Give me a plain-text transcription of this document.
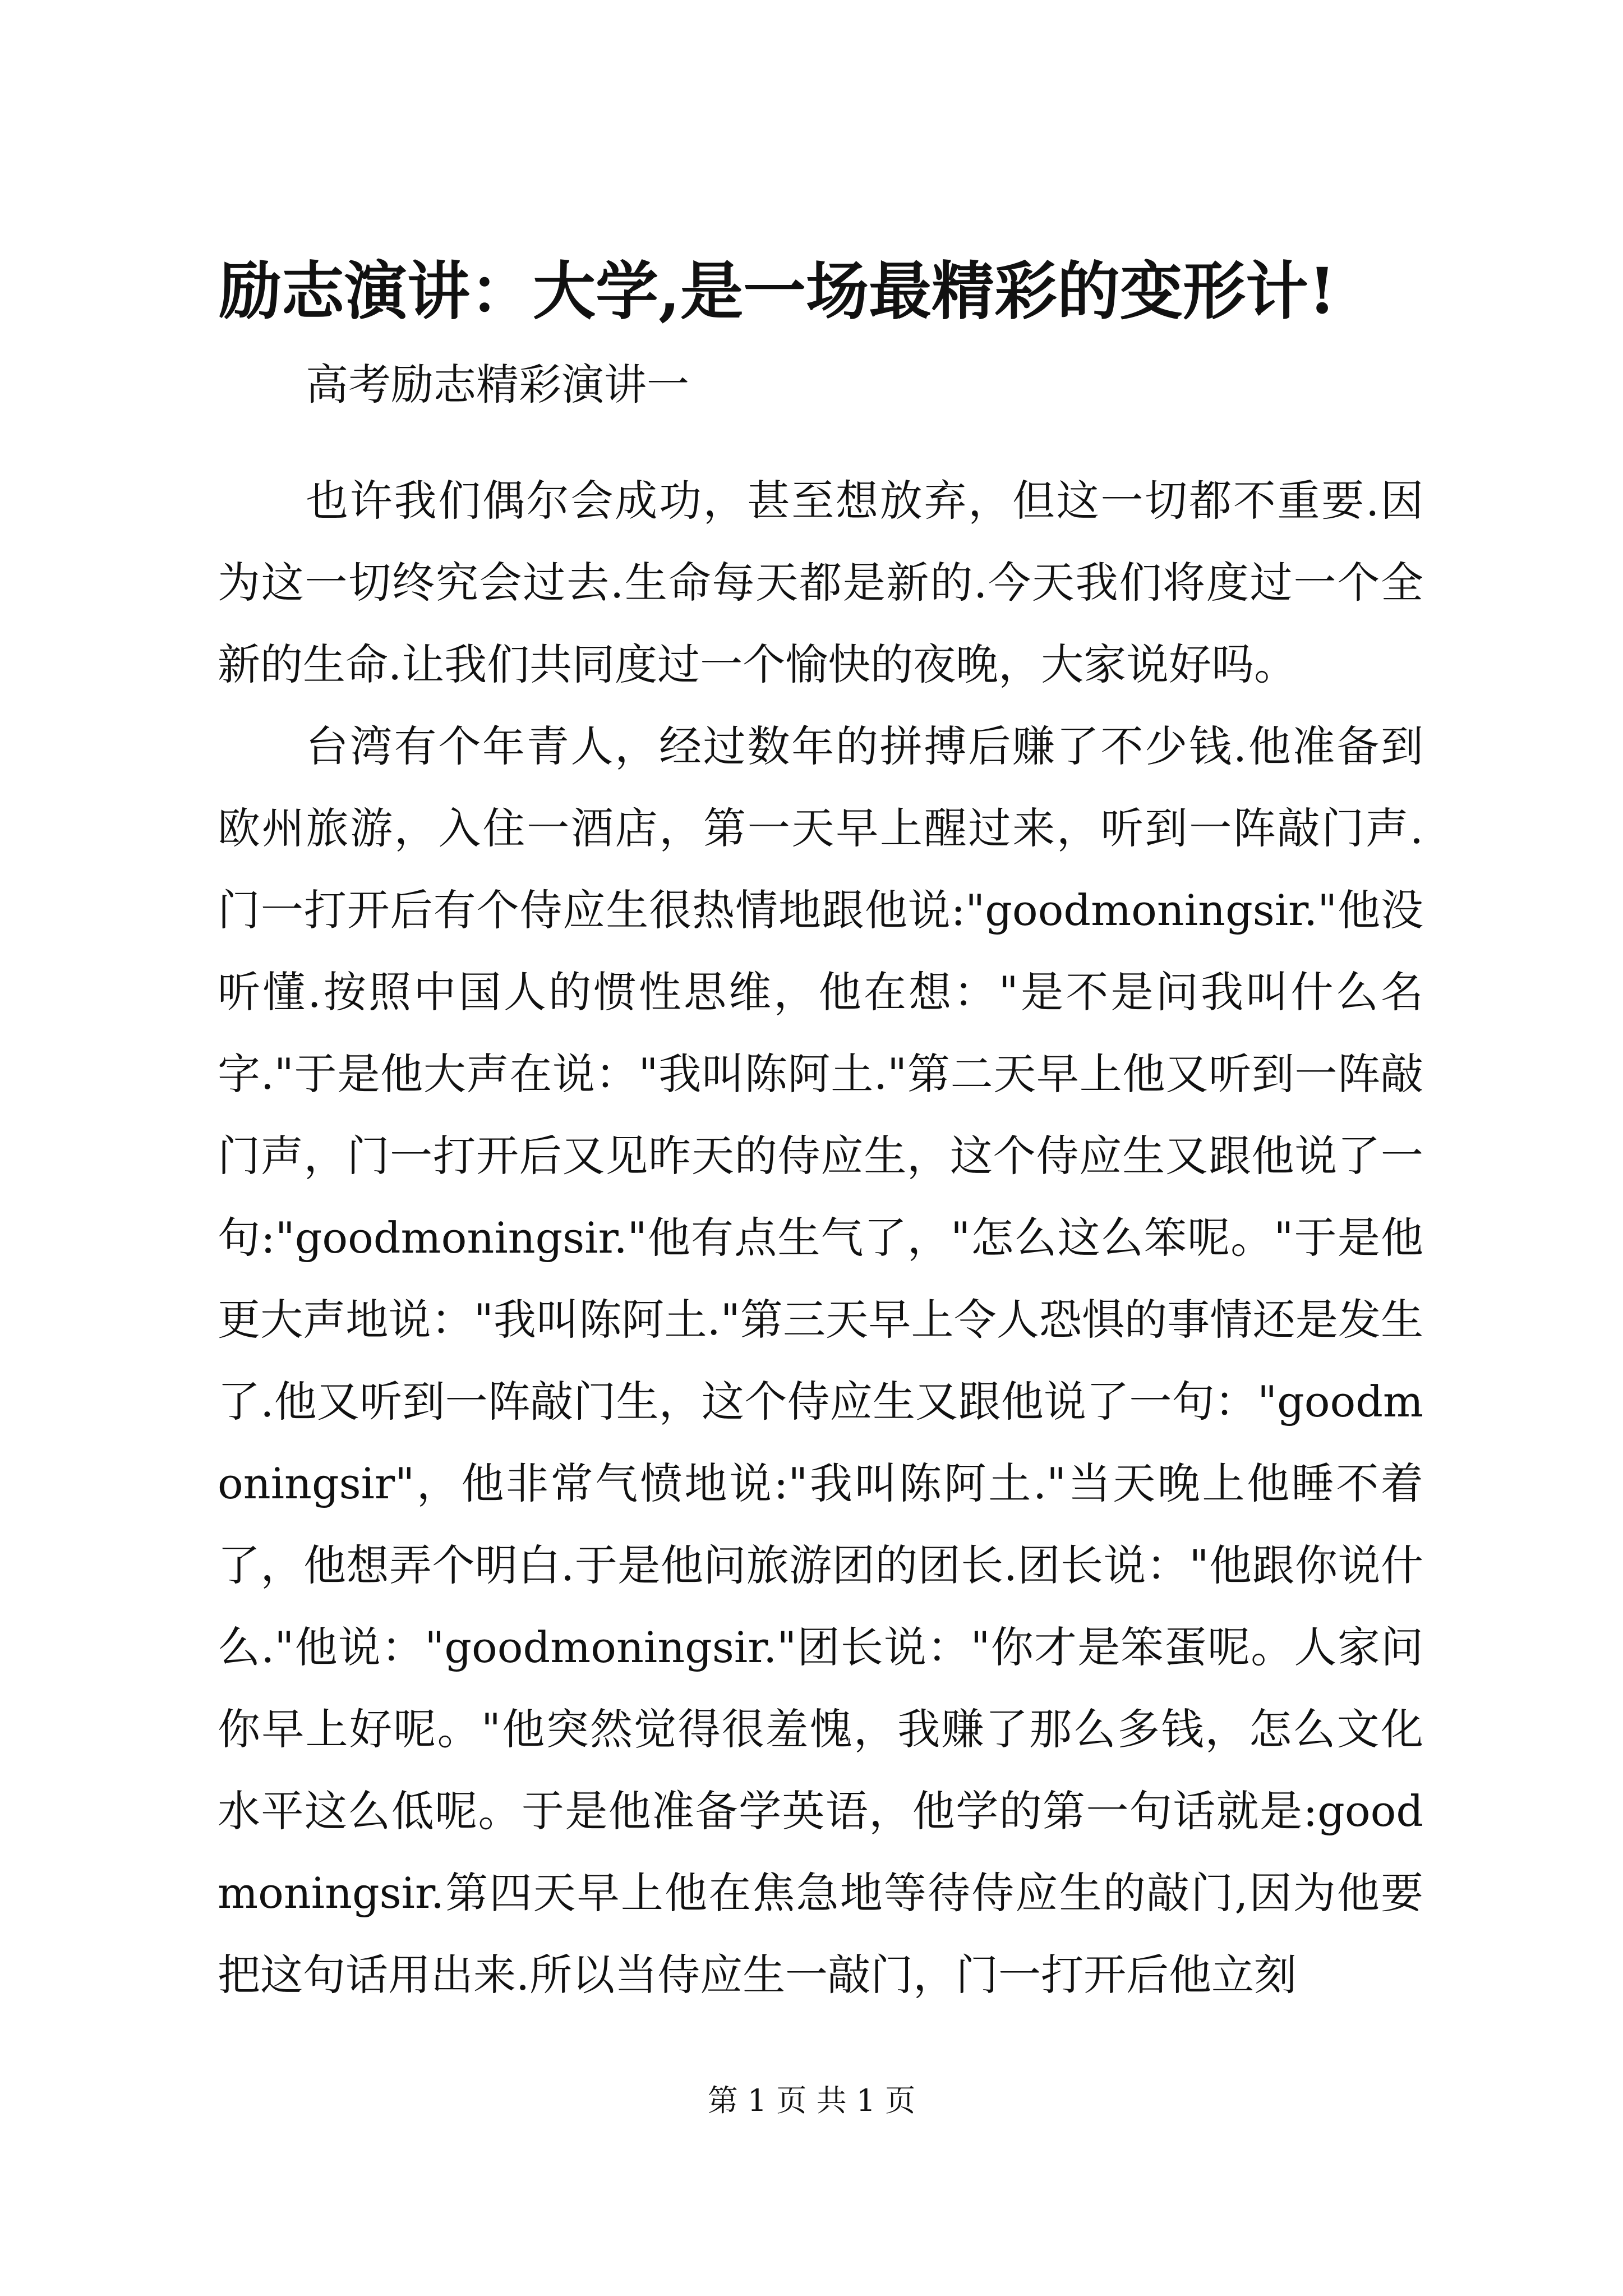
励志演讲：大学,是一场最精彩的变形计!

高考励志精彩演讲一

也许我们偶尔会成功，甚至想放弃，但这一切都不重要.因为这一切终究会过去.生命每天都是新的.今天我们将度过一个全新的生命.让我们共同度过一个愉快的夜晚，大家说好吗。

台湾有个年青人，经过数年的拼搏后赚了不少钱.他准备到欧州旅游，入住一酒店，第一天早上醒过来，听到一阵敲门声.门一打开后有个侍应生很热情地跟他说:"goodmoningsir."他没听懂.按照中国人的惯性思维，他在想："是不是问我叫什么名字."于是他大声在说："我叫陈阿土."第二天早上他又听到一阵敲门声，门一打开后又见昨天的侍应生，这个侍应生又跟他说了一句:"goodmoningsir."他有点生气了，"怎么这么笨呢。"于是他更大声地说："我叫陈阿土."第三天早上令人恐惧的事情还是发生了.他又听到一阵敲门生，这个侍应生又跟他说了一句："goodmoningsir"，他非常气愤地说:"我叫陈阿土."当天晚上他睡不着了，他想弄个明白.于是他问旅游团的团长.团长说："他跟你说什么."他说："goodmoningsir."团长说："你才是笨蛋呢。人家问你早上好呢。"他突然觉得很羞愧，我赚了那么多钱，怎么文化水平这么低呢。于是他准备学英语，他学的第一句话就是:goodmoningsir.第四天早上他在焦急地等待侍应生的敲门,因为他要把这句话用出来.所以当侍应生一敲门，门一打开后他立刻

第 1 页 共 1 页
